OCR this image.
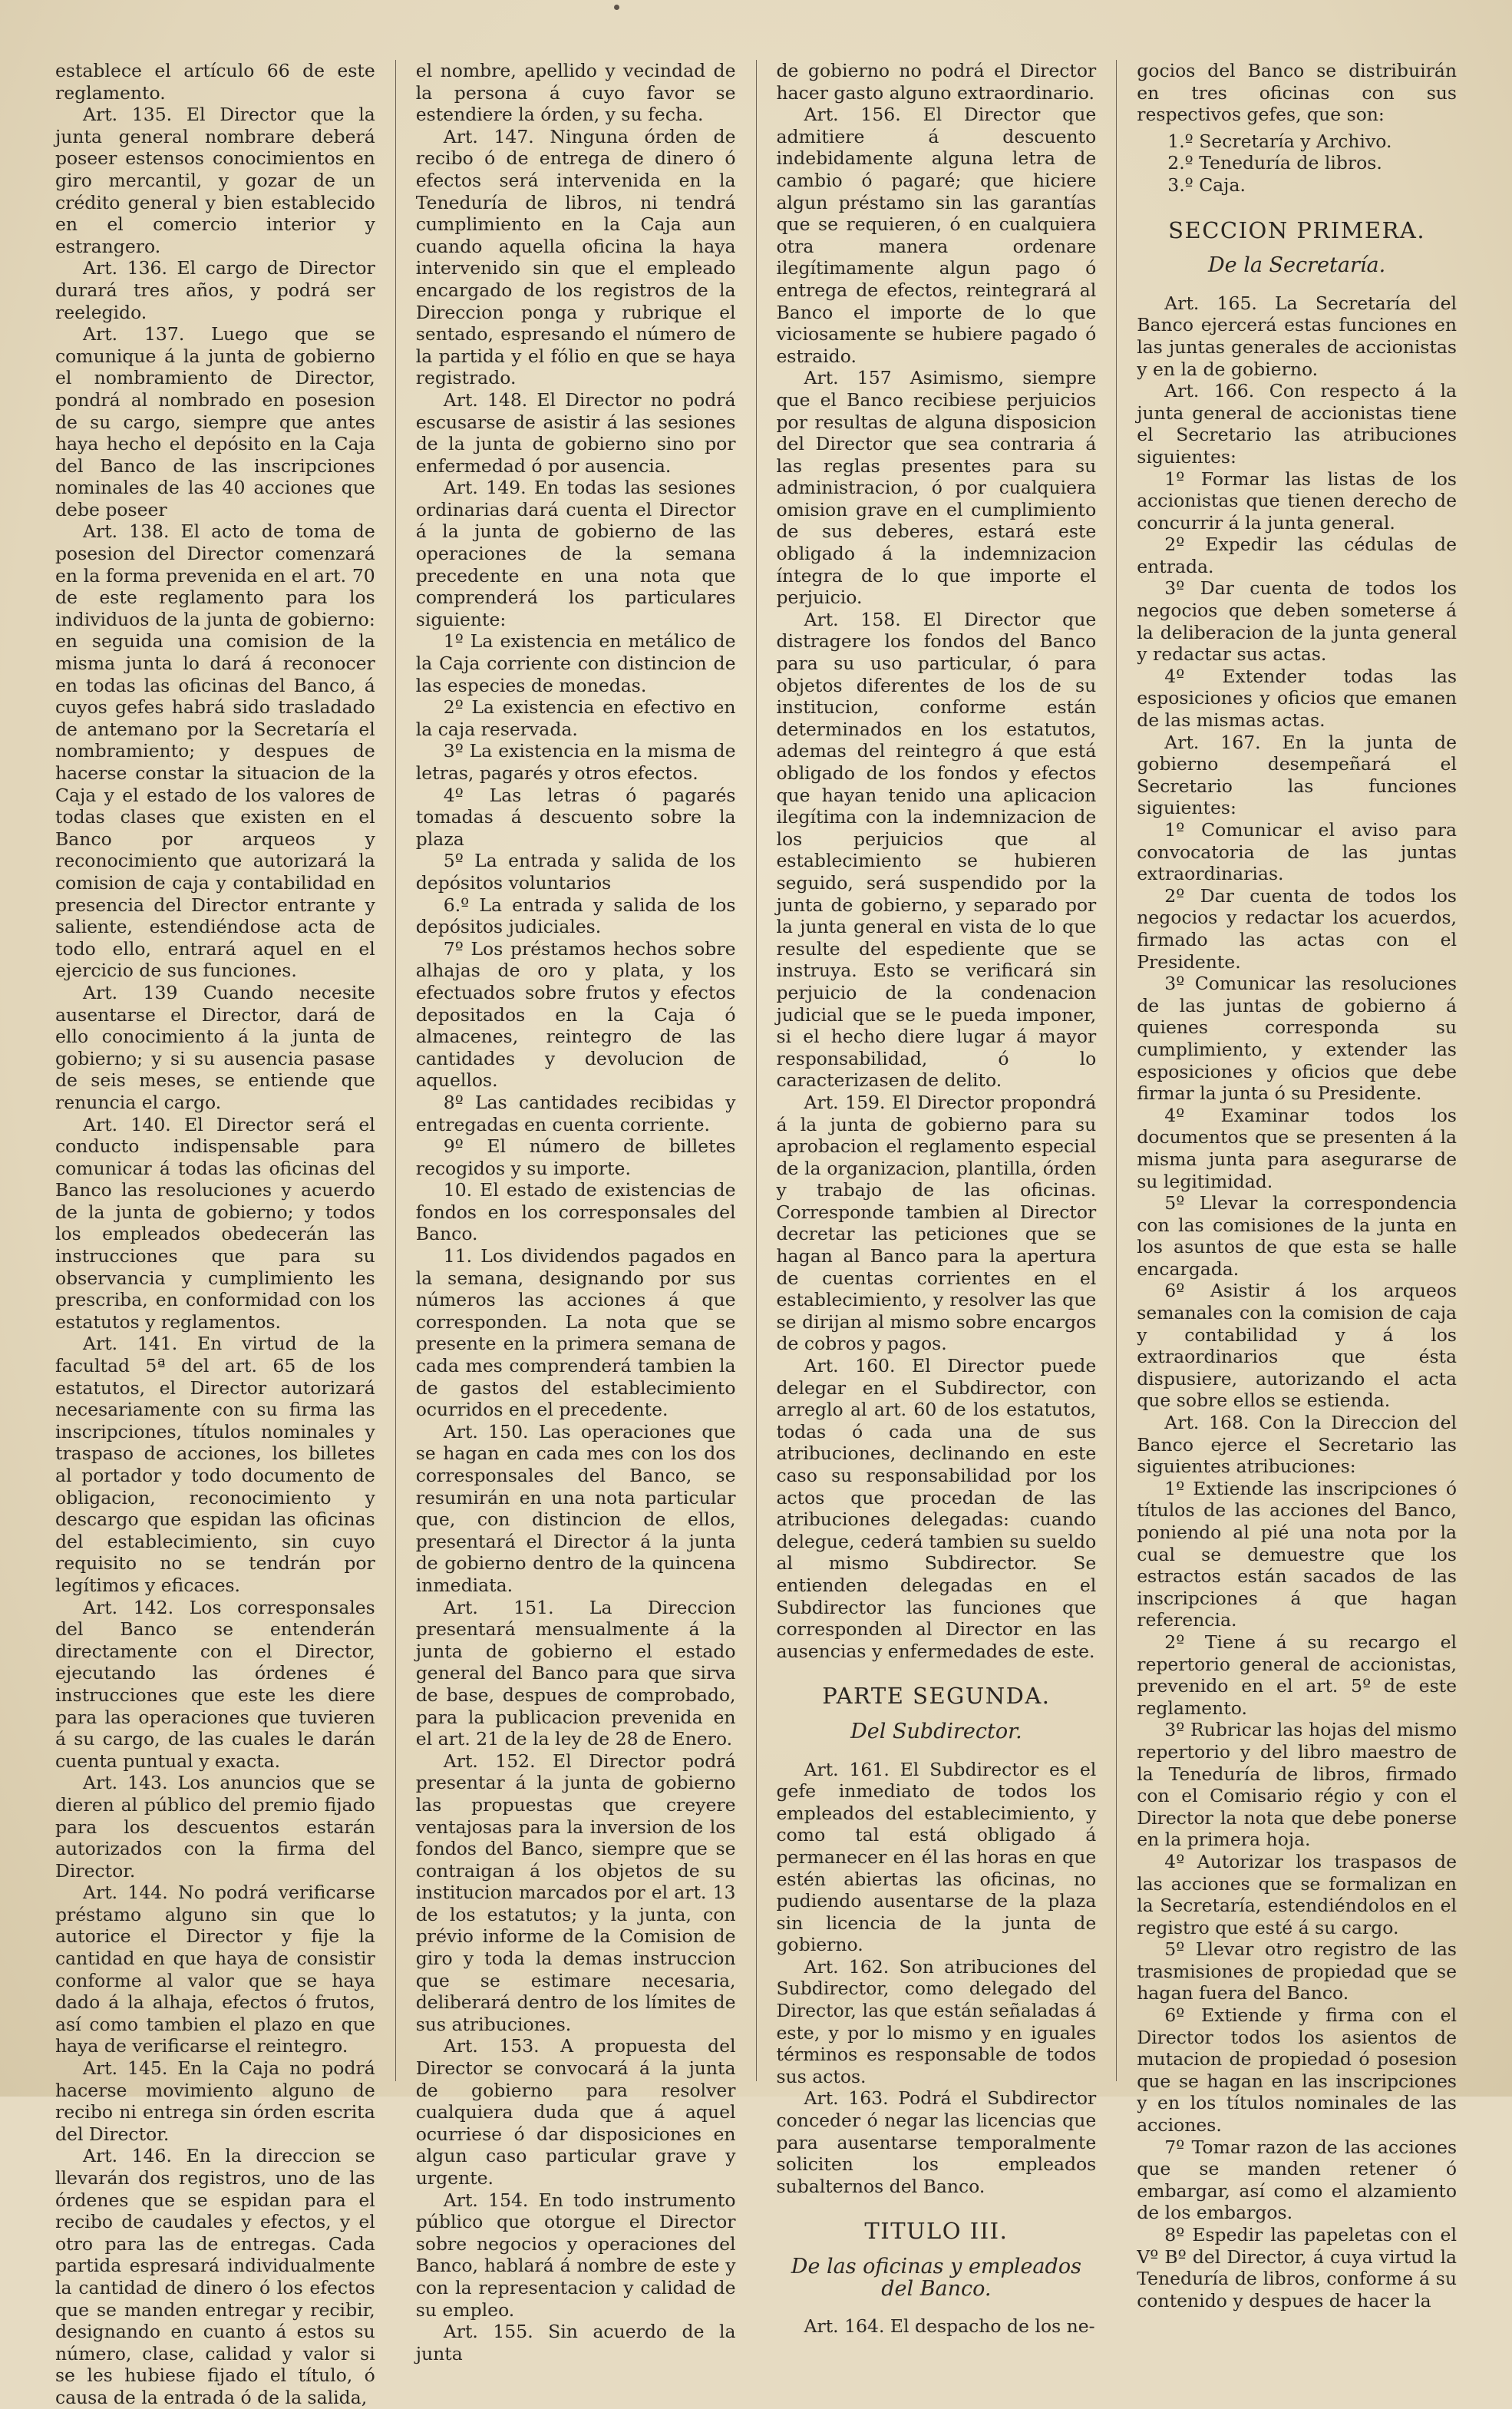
establece el artículo 66 de este reglamento.

Art. 135. El Director que la junta general nombrare deberá poseer estensos conocimientos en giro mercantil, y gozar de un crédito general y bien establecido en el comercio interior y estrangero.

Art. 136. El cargo de Director durará tres años, y podrá ser reelegido.

Art. 137. Luego que se comunique á la junta de gobierno el nombramiento de Director, pondrá al nombrado en posesion de su cargo, siempre que antes haya hecho el depósito en la Caja del Banco de las inscripciones nominales de las 40 acciones que debe poseer

Art. 138. El acto de toma de posesion del Director comenzará en la forma prevenida en el art. 70 de este reglamento para los individuos de la junta de gobierno: en seguida una comision de la misma junta lo dará á reconocer en todas las oficinas del Banco, á cuyos gefes habrá sido trasladado de antemano por la Secretaría el nombramiento; y despues de hacerse constar la situacion de la Caja y el estado de los valores de todas clases que existen en el Banco por arqueos y reconocimiento que autorizará la comision de caja y contabilidad en presencia del Director entrante y saliente, estendiéndose acta de todo ello, entrará aquel en el ejercicio de sus funciones.

Art. 139 Cuando necesite ausentarse el Director, dará de ello conocimiento á la junta de gobierno; y si su ausencia pasase de seis meses, se entiende que renuncia el cargo.

Art. 140. El Director será el conducto indispensable para comunicar á todas las oficinas del Banco las resoluciones y acuerdo de la junta de gobierno; y todos los empleados obedecerán las instrucciones que para su observancia y cumplimiento les prescriba, en conformidad con los estatutos y reglamentos.

Art. 141. En virtud de la facultad 5ª del art. 65 de los estatutos, el Director autorizará necesariamente con su firma las inscripciones, títulos nominales y traspaso de acciones, los billetes al portador y todo documento de obligacion, reconocimiento y descargo que espidan las oficinas del establecimiento, sin cuyo requisito no se tendrán por legítimos y eficaces.

Art. 142. Los corresponsales del Banco se entenderán directamente con el Director, ejecutando las órdenes é instrucciones que este les diere para las operaciones que tuvieren á su cargo, de las cuales le darán cuenta puntual y exacta.

Art. 143. Los anuncios que se dieren al público del premio fijado para los descuentos estarán autorizados con la firma del Director.

Art. 144. No podrá verificarse préstamo alguno sin que lo autorice el Director y fije la cantidad en que haya de consistir conforme al valor que se haya dado á la alhaja, efectos ó frutos, así como tambien el plazo en que haya de verificarse el reintegro.

Art. 145. En la Caja no podrá hacerse movimiento alguno de recibo ni entrega sin órden escrita del Director.

Art. 146. En la direccion se llevarán dos registros, uno de las órdenes que se espidan para el recibo de caudales y efectos, y el otro para las de entregas. Cada partida espresará individualmente la cantidad de dinero ó los efectos que se manden entregar y recibir, designando en cuanto á estos su número, clase, calidad y valor si se les hubiese fijado el título, ó causa de la entrada ó de la salida,

el nombre, apellido y vecindad de la persona á cuyo favor se estendiere la órden, y su fecha.

Art. 147. Ninguna órden de recibo ó de entrega de dinero ó efectos será intervenida en la Teneduría de libros, ni tendrá cumplimiento en la Caja aun cuando aquella oficina la haya intervenido sin que el empleado encargado de los registros de la Direccion ponga y rubrique el sentado, espresando el número de la partida y el fólio en que se haya registrado.

Art. 148. El Director no podrá escusarse de asistir á las sesiones de la junta de gobierno sino por enfermedad ó por ausencia.

Art. 149. En todas las sesiones ordinarias dará cuenta el Director á la junta de gobierno de las operaciones de la semana precedente en una nota que comprenderá los particulares siguiente:

1º La existencia en metálico de la Caja corriente con distincion de las especies de monedas.

2º La existencia en efectivo en la caja reservada.

3º La existencia en la misma de letras, pagarés y otros efectos.

4º Las letras ó pagarés tomadas á descuento sobre la plaza

5º La entrada y salida de los depósitos voluntarios

6.º La entrada y salida de los depósitos judiciales.

7º Los préstamos hechos sobre alhajas de oro y plata, y los efectuados sobre frutos y efectos depositados en la Caja ó almacenes, reintegro de las cantidades y devolucion de aquellos.

8º Las cantidades recibidas y entregadas en cuenta corriente.

9º El número de billetes recogidos y su importe.

10. El estado de existencias de fondos en los corresponsales del Banco.

11. Los dividendos pagados en la semana, designando por sus números las acciones á que corresponden. La nota que se presente en la primera semana de cada mes comprenderá tambien la de gastos del establecimiento ocurridos en el precedente.

Art. 150. Las operaciones que se hagan en cada mes con los dos corresponsales del Banco, se resumirán en una nota particular que, con distincion de ellos, presentará el Director á la junta de gobierno dentro de la quincena inmediata.

Art. 151. La Direccion presentará mensualmente á la junta de gobierno el estado general del Banco para que sirva de base, despues de comprobado, para la publicacion prevenida en el art. 21 de la ley de 28 de Enero.

Art. 152. El Director podrá presentar á la junta de gobierno las propuestas que creyere ventajosas para la inversion de los fondos del Banco, siempre que se contraigan á los objetos de su institucion marcados por el art. 13 de los estatutos; y la junta, con prévio informe de la Comision de giro y toda la demas instruccion que se estimare necesaria, deliberará dentro de los límites de sus atribuciones.

Art. 153. A propuesta del Director se convocará á la junta de gobierno para resolver cualquiera duda que á aquel ocurriese ó dar disposiciones en algun caso particular grave y urgente.

Art. 154. En todo instrumento público que otorgue el Director sobre negocios y operaciones del Banco, hablará á nombre de este y con la representacion y calidad de su empleo.

Art. 155. Sin acuerdo de la junta

de gobierno no podrá el Director hacer gasto alguno extraordinario.

Art. 156. El Director que admitiere á descuento indebidamente alguna letra de cambio ó pagaré; que hiciere algun préstamo sin las garantías que se requieren, ó en cualquiera otra manera ordenare ilegítimamente algun pago ó entrega de efectos, reintegrará al Banco el importe de lo que viciosamente se hubiere pagado ó estraido.

Art. 157 Asimismo, siempre que el Banco recibiese perjuicios por resultas de alguna disposicion del Director que sea contraria á las reglas presentes para su administracion, ó por cualquiera omision grave en el cumplimiento de sus deberes, estará este obligado á la indemnizacion íntegra de lo que importe el perjuicio.

Art. 158. El Director que distragere los fondos del Banco para su uso particular, ó para objetos diferentes de los de su institucion, conforme están determinados en los estatutos, ademas del reintegro á que está obligado de los fondos y efectos que hayan tenido una aplicacion ilegítima con la indemnizacion de los perjuicios que al establecimiento se hubieren seguido, será suspendido por la junta de gobierno, y separado por la junta general en vista de lo que resulte del espediente que se instruya. Esto se verificará sin perjuicio de la condenacion judicial que se le pueda imponer, si el hecho diere lugar á mayor responsabilidad, ó lo caracterizasen de delito.

Art. 159. El Director propondrá á la junta de gobierno para su aprobacion el reglamento especial de la organizacion, plantilla, órden y trabajo de las oficinas. Corresponde tambien al Director decretar las peticiones que se hagan al Banco para la apertura de cuentas corrientes en el establecimiento, y resolver las que se dirijan al mismo sobre encargos de cobros y pagos.

Art. 160. El Director puede delegar en el Subdirector, con arreglo al art. 60 de los estatutos, todas ó cada una de sus atribuciones, declinando en este caso su responsabilidad por los actos que procedan de las atribuciones delegadas: cuando delegue, cederá tambien su sueldo al mismo Subdirector. Se entienden delegadas en el Subdirector las funciones que corresponden al Director en las ausencias y enfermedades de este.

PARTE SEGUNDA.
Del Subdirector.

Art. 161. El Subdirector es el gefe inmediato de todos los empleados del establecimiento, y como tal está obligado á permanecer en él las horas en que estén abiertas las oficinas, no pudiendo ausentarse de la plaza sin licencia de la junta de gobierno.

Art. 162. Son atribuciones del Subdirector, como delegado del Director, las que están señaladas á este, y por lo mismo y en iguales términos es responsable de todos sus actos.

Art. 163. Podrá el Subdirector conceder ó negar las licencias que para ausentarse temporalmente soliciten los empleados subalternos del Banco.

TITULO III.
De las oficinas y empleados del Banco.

Art. 164. El despacho de los ne-

gocios del Banco se distribuirán en tres oficinas con sus respectivos gefes, que son:

1.º Secretaría y Archivo.
2.º Teneduría de libros.
3.º Caja.
SECCION PRIMERA.
De la Secretaría.

Art. 165. La Secretaría del Banco ejercerá estas funciones en las juntas generales de accionistas y en la de gobierno.

Art. 166. Con respecto á la junta general de accionistas tiene el Secretario las atribuciones siguientes:

1º Formar las listas de los accionistas que tienen derecho de concurrir á la junta general.

2º Expedir las cédulas de entrada.

3º Dar cuenta de todos los negocios que deben someterse á la deliberacion de la junta general y redactar sus actas.

4º Extender todas las esposiciones y oficios que emanen de las mismas actas.

Art. 167. En la junta de gobierno desempeñará el Secretario las funciones siguientes:

1º Comunicar el aviso para convocatoria de las juntas extraordinarias.

2º Dar cuenta de todos los negocios y redactar los acuerdos, firmado las actas con el Presidente.

3º Comunicar las resoluciones de las juntas de gobierno á quienes corresponda su cumplimiento, y extender las esposiciones y oficios que debe firmar la junta ó su Presidente.

4º Examinar todos los documentos que se presenten á la misma junta para asegurarse de su legitimidad.

5º Llevar la correspondencia con las comisiones de la junta en los asuntos de que esta se halle encargada.

6º Asistir á los arqueos semanales con la comision de caja y contabilidad y á los extraordinarios que ésta dispusiere, autorizando el acta que sobre ellos se estienda.

Art. 168. Con la Direccion del Banco ejerce el Secretario las siguientes atribuciones:

1º Extiende las inscripciones ó títulos de las acciones del Banco, poniendo al pié una nota por la cual se demuestre que los estractos están sacados de las inscripciones á que hagan referencia.

2º Tiene á su recargo el repertorio general de accionistas, prevenido en el art. 5º de este reglamento.

3º Rubricar las hojas del mismo repertorio y del libro maestro de la Teneduría de libros, firmado con el Comisario régio y con el Director la nota que debe ponerse en la primera hoja.

4º Autorizar los traspasos de las acciones que se formalizan en la Secretaría, estendiéndolos en el registro que esté á su cargo.

5º Llevar otro registro de las trasmisiones de propiedad que se hagan fuera del Banco.

6º Extiende y firma con el Director todos los asientos de mutacion de propiedad ó posesion que se hagan en las inscripciones y en los títulos nominales de las acciones.

7º Tomar razon de las acciones que se manden retener ó embargar, así como el alzamiento de los embargos.

8º Espedir las papeletas con el Vº Bº del Director, á cuya virtud la Teneduría de libros, conforme á su contenido y despues de hacer la
